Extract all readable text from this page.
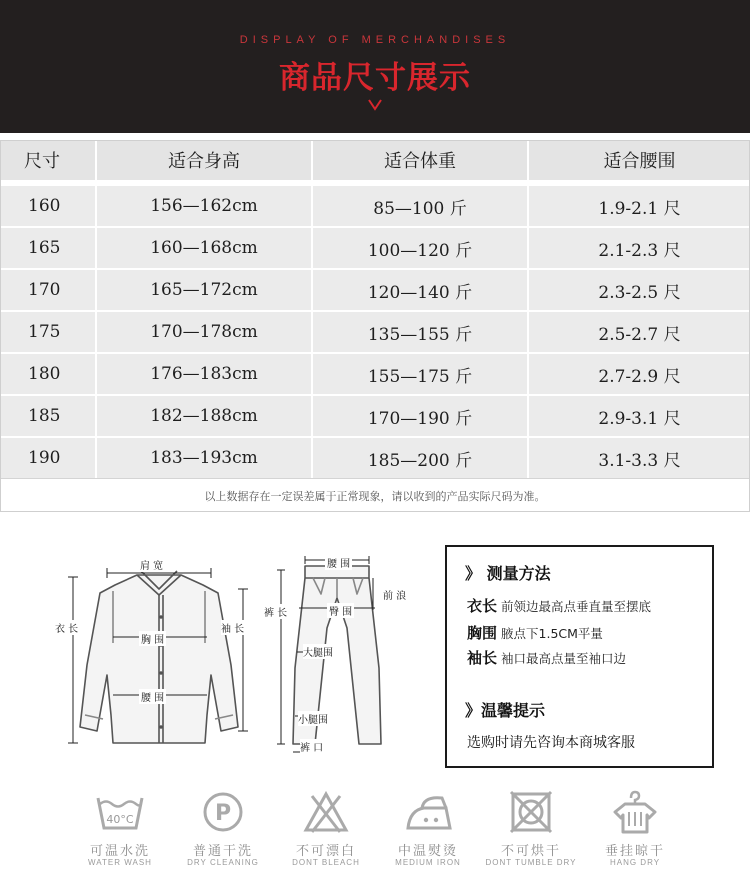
DISPLAY OF MERCHANDISES
商品尺寸展示
尺寸	适合身高	适合体重	适合腰围
160	156—162cm	85—100 斤	1.9-2.1 尺
165	160—168cm	100—120 斤	2.1-2.3 尺
170	165—172cm	120—140 斤	2.3-2.5 尺
175	170—178cm	135—155 斤	2.5-2.7 尺
180	176—183cm	155—175 斤	2.7-2.9 尺
185	182—188cm	170—190 斤	2.9-3.1 尺
190	183—193cm	185—200 斤	3.1-3.3 尺
以上数据存在一定误差属于正常现象，请以收到的产品实际尺码为准。
肩 宽
衣 长	袖 长
胸 围
腰 围
腰 围
裤 长
前 浪
臀 围
大腿围
小腿围
裤 口
》 测量方法
衣长 前领边最高点垂直量至摆底
胸围 腋点下1.5CM平量
袖长 袖口最高点量至袖口边
》温馨提示
选购时请先咨询本商城客服
40°C
可温水洗
WATER WASH
P
普通干洗
DRY CLEANING
不可漂白
DONT BLEACH
中温熨烫
MEDIUM IRON
不可烘干
DONT TUMBLE DRY
垂挂晾干
HANG DRY
